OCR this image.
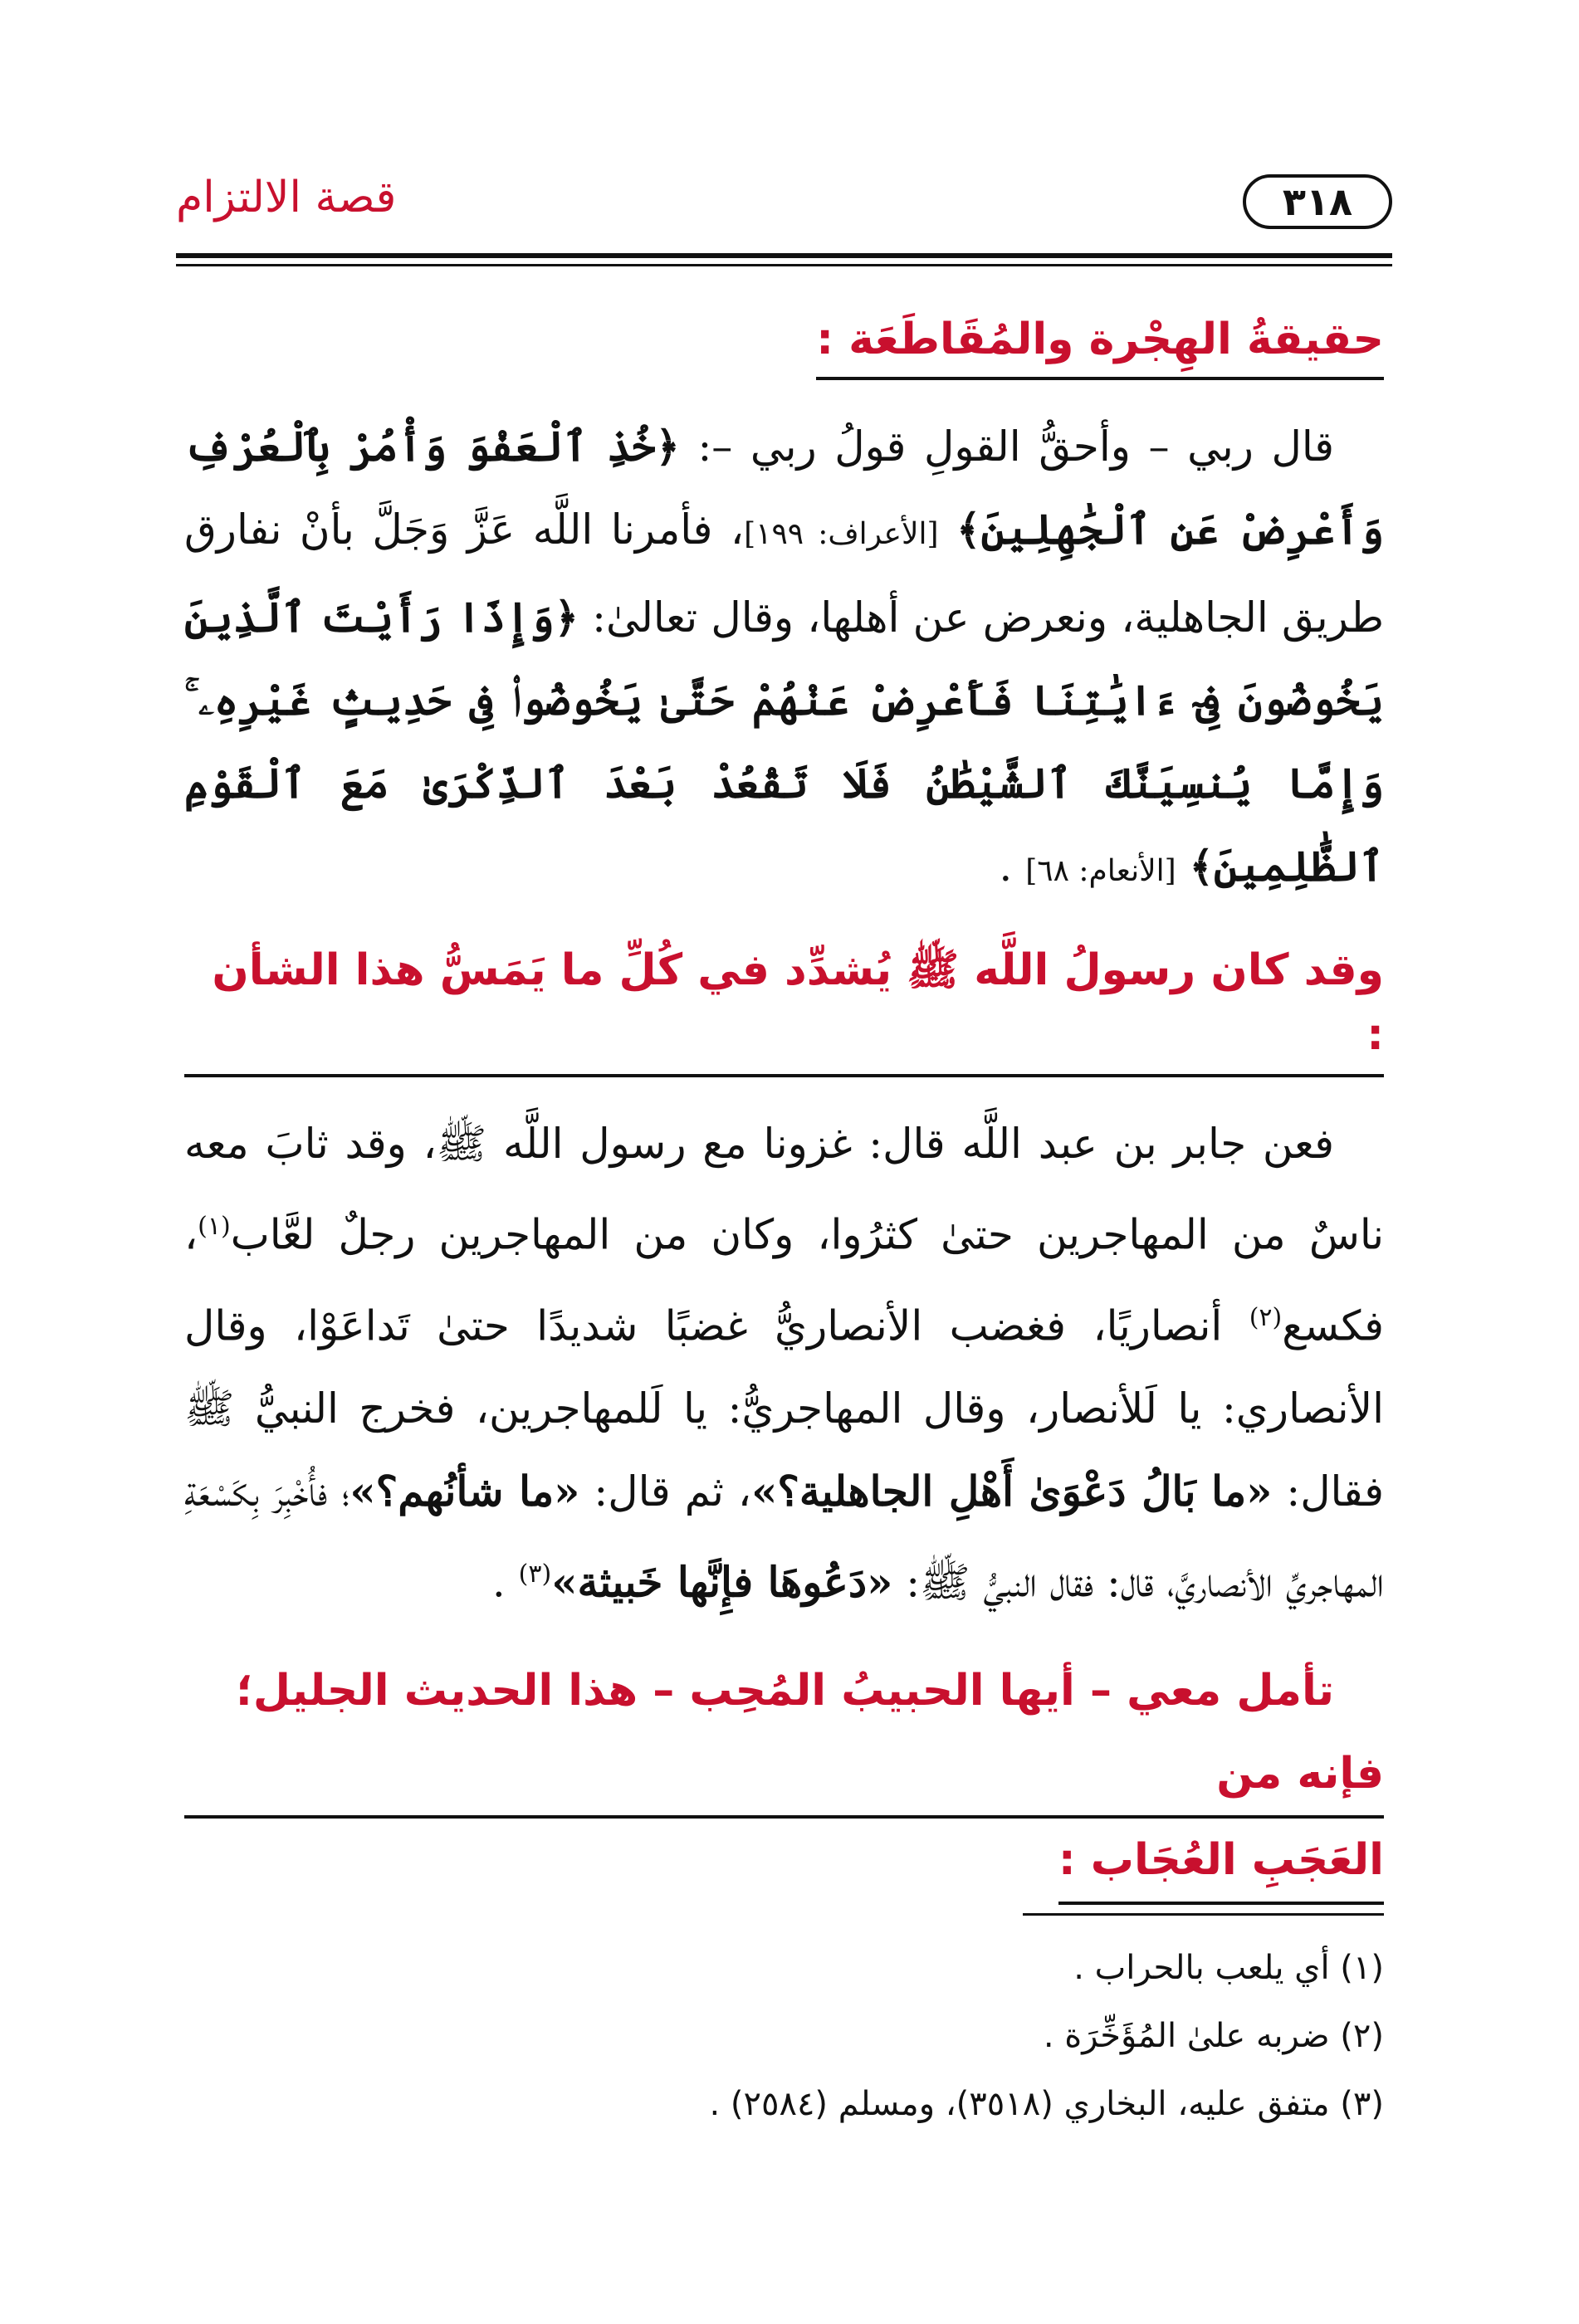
٣١٨
قصة الالتزام
حقيقةُ الهِجْرة والمُقَاطَعَة :

قال ربي – وأحقُّ القولِ قولُ ربي –: ﴿خُذِ ٱلْعَفْوَ وَأْمُرْ بِٱلْعُرْفِ وَأَعْرِضْ عَنِ ٱلْجَٰهِلِينَ﴾ [الأعراف: ١٩٩]، فأمرنا اللَّه عَزَّ وَجَلَّ بأنْ نفارق طريق الجاهلية، ونعرض عن أهلها، وقال تعالىٰ: ﴿وَإِذَا رَأَيْتَ ٱلَّذِينَ يَخُوضُونَ فِىٓ ءَايَٰتِنَا فَأَعْرِضْ عَنْهُمْ حَتَّىٰ يَخُوضُوا۟ فِى حَدِيثٍ غَيْرِهِۦ ۚ وَإِمَّا يُنسِيَنَّكَ ٱلشَّيْطَٰنُ فَلَا تَقْعُدْ بَعْدَ ٱلذِّكْرَىٰ مَعَ ٱلْقَوْمِ ٱلظَّٰلِمِينَ﴾ [الأنعام: ٦٨] .

وقد كان رسولُ اللَّه ﷺ يُشدِّد في كُلِّ ما يَمَسُّ هذا الشأن :

فعن جابر بن عبد اللَّه قال: غزونا مع رسول اللَّه ﷺ، وقد ثابَ معه ناسٌ من المهاجرين حتىٰ كثرُوا، وكان من المهاجرين رجلٌ لعَّاب$^{(١)}$، فكسع$^{(٢)}$ أنصاريًا، فغضب الأنصاريُّ غضبًا شديدًا حتىٰ تَداعَوْا، وقال الأنصاري: يا لَلأنصار، وقال المهاجريُّ: يا لَلمهاجرين، فخرج النبيُّ ﷺ فقال: «ما بَالُ دَعْوَىٰ أَهْلِ الجاهلية؟»، ثم قال: «ما شأنُهم؟»؛ فأُخْبِرَ بِكَسْعَةِ المهاجريِّ الأنصاريَّ، قال: فقال النبيُّ ﷺ: «دَعُوهَا فإِنَّها خَبيثة»$^{(٣)}$ .

تأمل معي – أيها الحبيبُ المُحِب – هذا الحديث الجليل؛ فإنه من
العَجَبِ العُجَاب :
(١) أي يلعب بالحراب .
(٢) ضربه علىٰ المُؤَخِّرَة .
(٣) متفق عليه، البخاري (٣٥١٨)، ومسلم (٢٥٨٤) .
